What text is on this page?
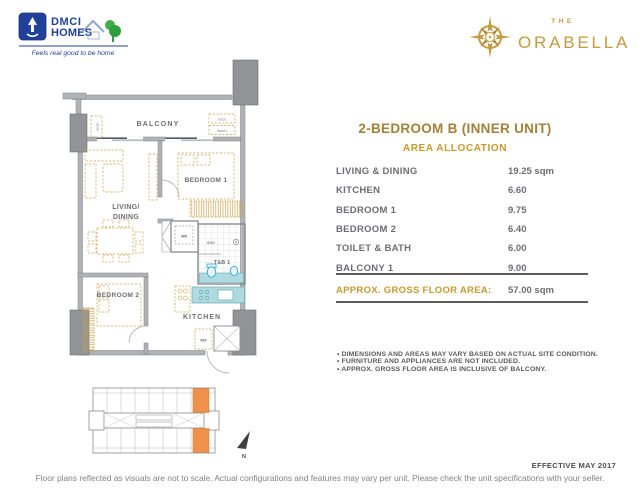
DMCI
HOMES
Feels real good to be home
THE
ORABELLA
BALCONY
BEDROOM 1
LIVING/
DINING
BEDROOM 2
T&B 1
KITCHEN
WM
SHO
REF
ACCU
ACCU
WACU
N
2-BEDROOM B (INNER UNIT)
AREA ALLOCATION
LIVING & DINING	19.25 sqm
KITCHEN	6.60
BEDROOM 1	9.75
BEDROOM 2	6.40
TOILET & BATH	6.00
BALCONY 1	9.00
APPROX. GROSS FLOOR AREA:	57.00 sqm
• DIMENSIONS AND AREAS MAY VARY BASED ON ACTUAL SITE CONDITION.
• FURNITURE AND APPLIANCES ARE NOT INCLUDED.
• APPROX. GROSS FLOOR AREA IS INCLUSIVE OF BALCONY.
EFFECTIVE MAY 2017
Floor plans reflected as visuals are not to scale. Actual configurations and features may vary per unit. Please check the unit specifications with your seller.
